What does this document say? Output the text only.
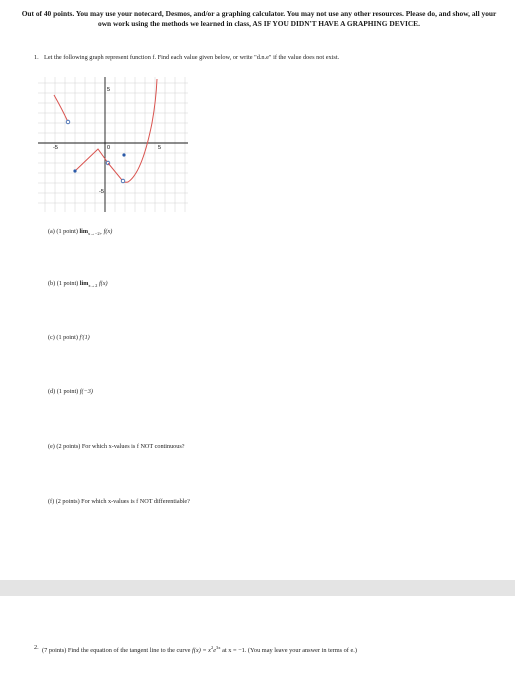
Out of 40 points. You may use your notecard, Desmos, and/or a graphing calculator. You may not use any other resources. Please do, and show, all your own work using the methods we learned in class, AS IF YOU DIDN'T HAVE A GRAPHING DEVICE.
1. Let the following graph represent function f. Find each value given below, or write "d.n.e" if the value does not exist.
5
-5
-5	5
0
(a) (1 point) $\lim_{x\to-2+} f(x)$
(b) (1 point) $\lim_{x\to 2} f(x)$
(c) (1 point) f′(1)
(d) (1 point) f(−3)
(e) (2 points) For which x-values is f NOT continuous?
(f) (2 points) For which x-values is f NOT differentiable?
2. (7 points) Find the equation of the tangent line to the curve $f(x) = x^2e^{3x}$ at x = −1. (You may leave your answer in terms of e.)
